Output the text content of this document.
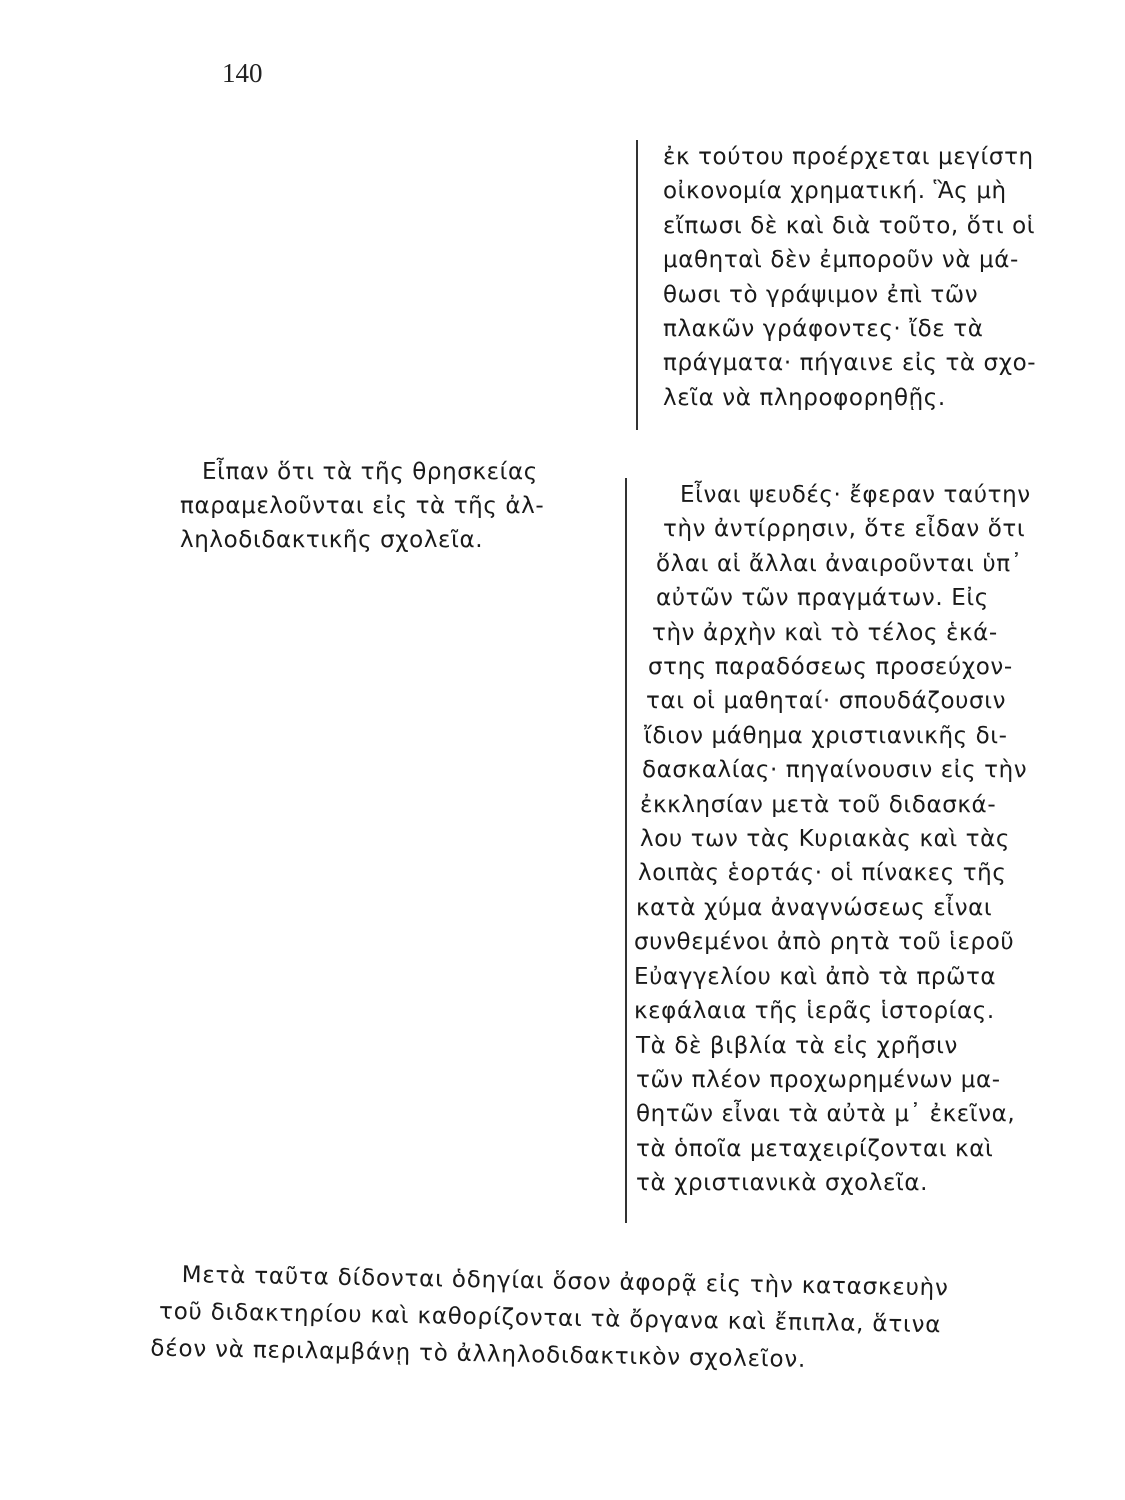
140
ἐκ τούτου προέρχεται μεγίστη
οἰκονομία χρηματική. Ἃς μὴ
εἴπωσι δὲ καὶ διὰ τοῦτο, ὅτι οἱ
μαθηταὶ δὲν ἐμποροῦν νὰ μά-
θωσι τὸ γράψιμον ἐπὶ τῶν
πλακῶν γράφοντες· ἴδε τὰ
πράγματα· πήγαινε εἰς τὰ σχο-
λεῖα νὰ πληροφορηθῇς.
Εἶναι ψευδές· ἔφεραν ταύτην
τὴν ἀντίρρησιν, ὅτε εἶδαν ὅτι
ὅλαι αἱ ἄλλαι ἀναιροῦνται ὑπ᾽
αὐτῶν τῶν πραγμάτων. Εἰς
τὴν ἀρχὴν καὶ τὸ τέλος ἑκά-
στης παραδόσεως προσεύχον-
ται οἱ μαθηταί· σπουδάζουσιν
ἴδιον μάθημα χριστιανικῆς δι-
δασκαλίας· πηγαίνουσιν εἰς τὴν
ἐκκλησίαν μετὰ τοῦ διδασκά-
λου των τὰς Κυριακὰς καὶ τὰς
λοιπὰς ἑορτάς· οἱ πίνακες τῆς
κατὰ χύμα ἀναγνώσεως εἶναι
συνθεμένοι ἀπὸ ρητὰ τοῦ ἱεροῦ
Εὐαγγελίου καὶ ἀπὸ τὰ πρῶτα
κεφάλαια τῆς ἱερᾶς ἱστορίας.
Τὰ δὲ βιβλία τὰ εἰς χρῆσιν
τῶν πλέον προχωρημένων μα-
θητῶν εἶναι τὰ αὐτὰ μ᾽ ἐκεῖνα,
τὰ ὁποῖα μεταχειρίζονται καὶ
τὰ χριστιανικὰ σχολεῖα.
Εἶπαν ὅτι τὰ τῆς θρησκείας
παραμελοῦνται εἰς τὰ τῆς ἀλ-
ληλοδιδακτικῆς σχολεῖα.
Μετὰ ταῦτα δίδονται ὁδηγίαι ὅσον ἀφορᾷ εἰς τὴν κατασκευὴν
τοῦ διδακτηρίου καὶ καθορίζονται τὰ ὄργανα καὶ ἔπιπλα, ἅτινα
δέον νὰ περιλαμβάνῃ τὸ ἀλληλοδιδακτικὸν σχολεῖον.
